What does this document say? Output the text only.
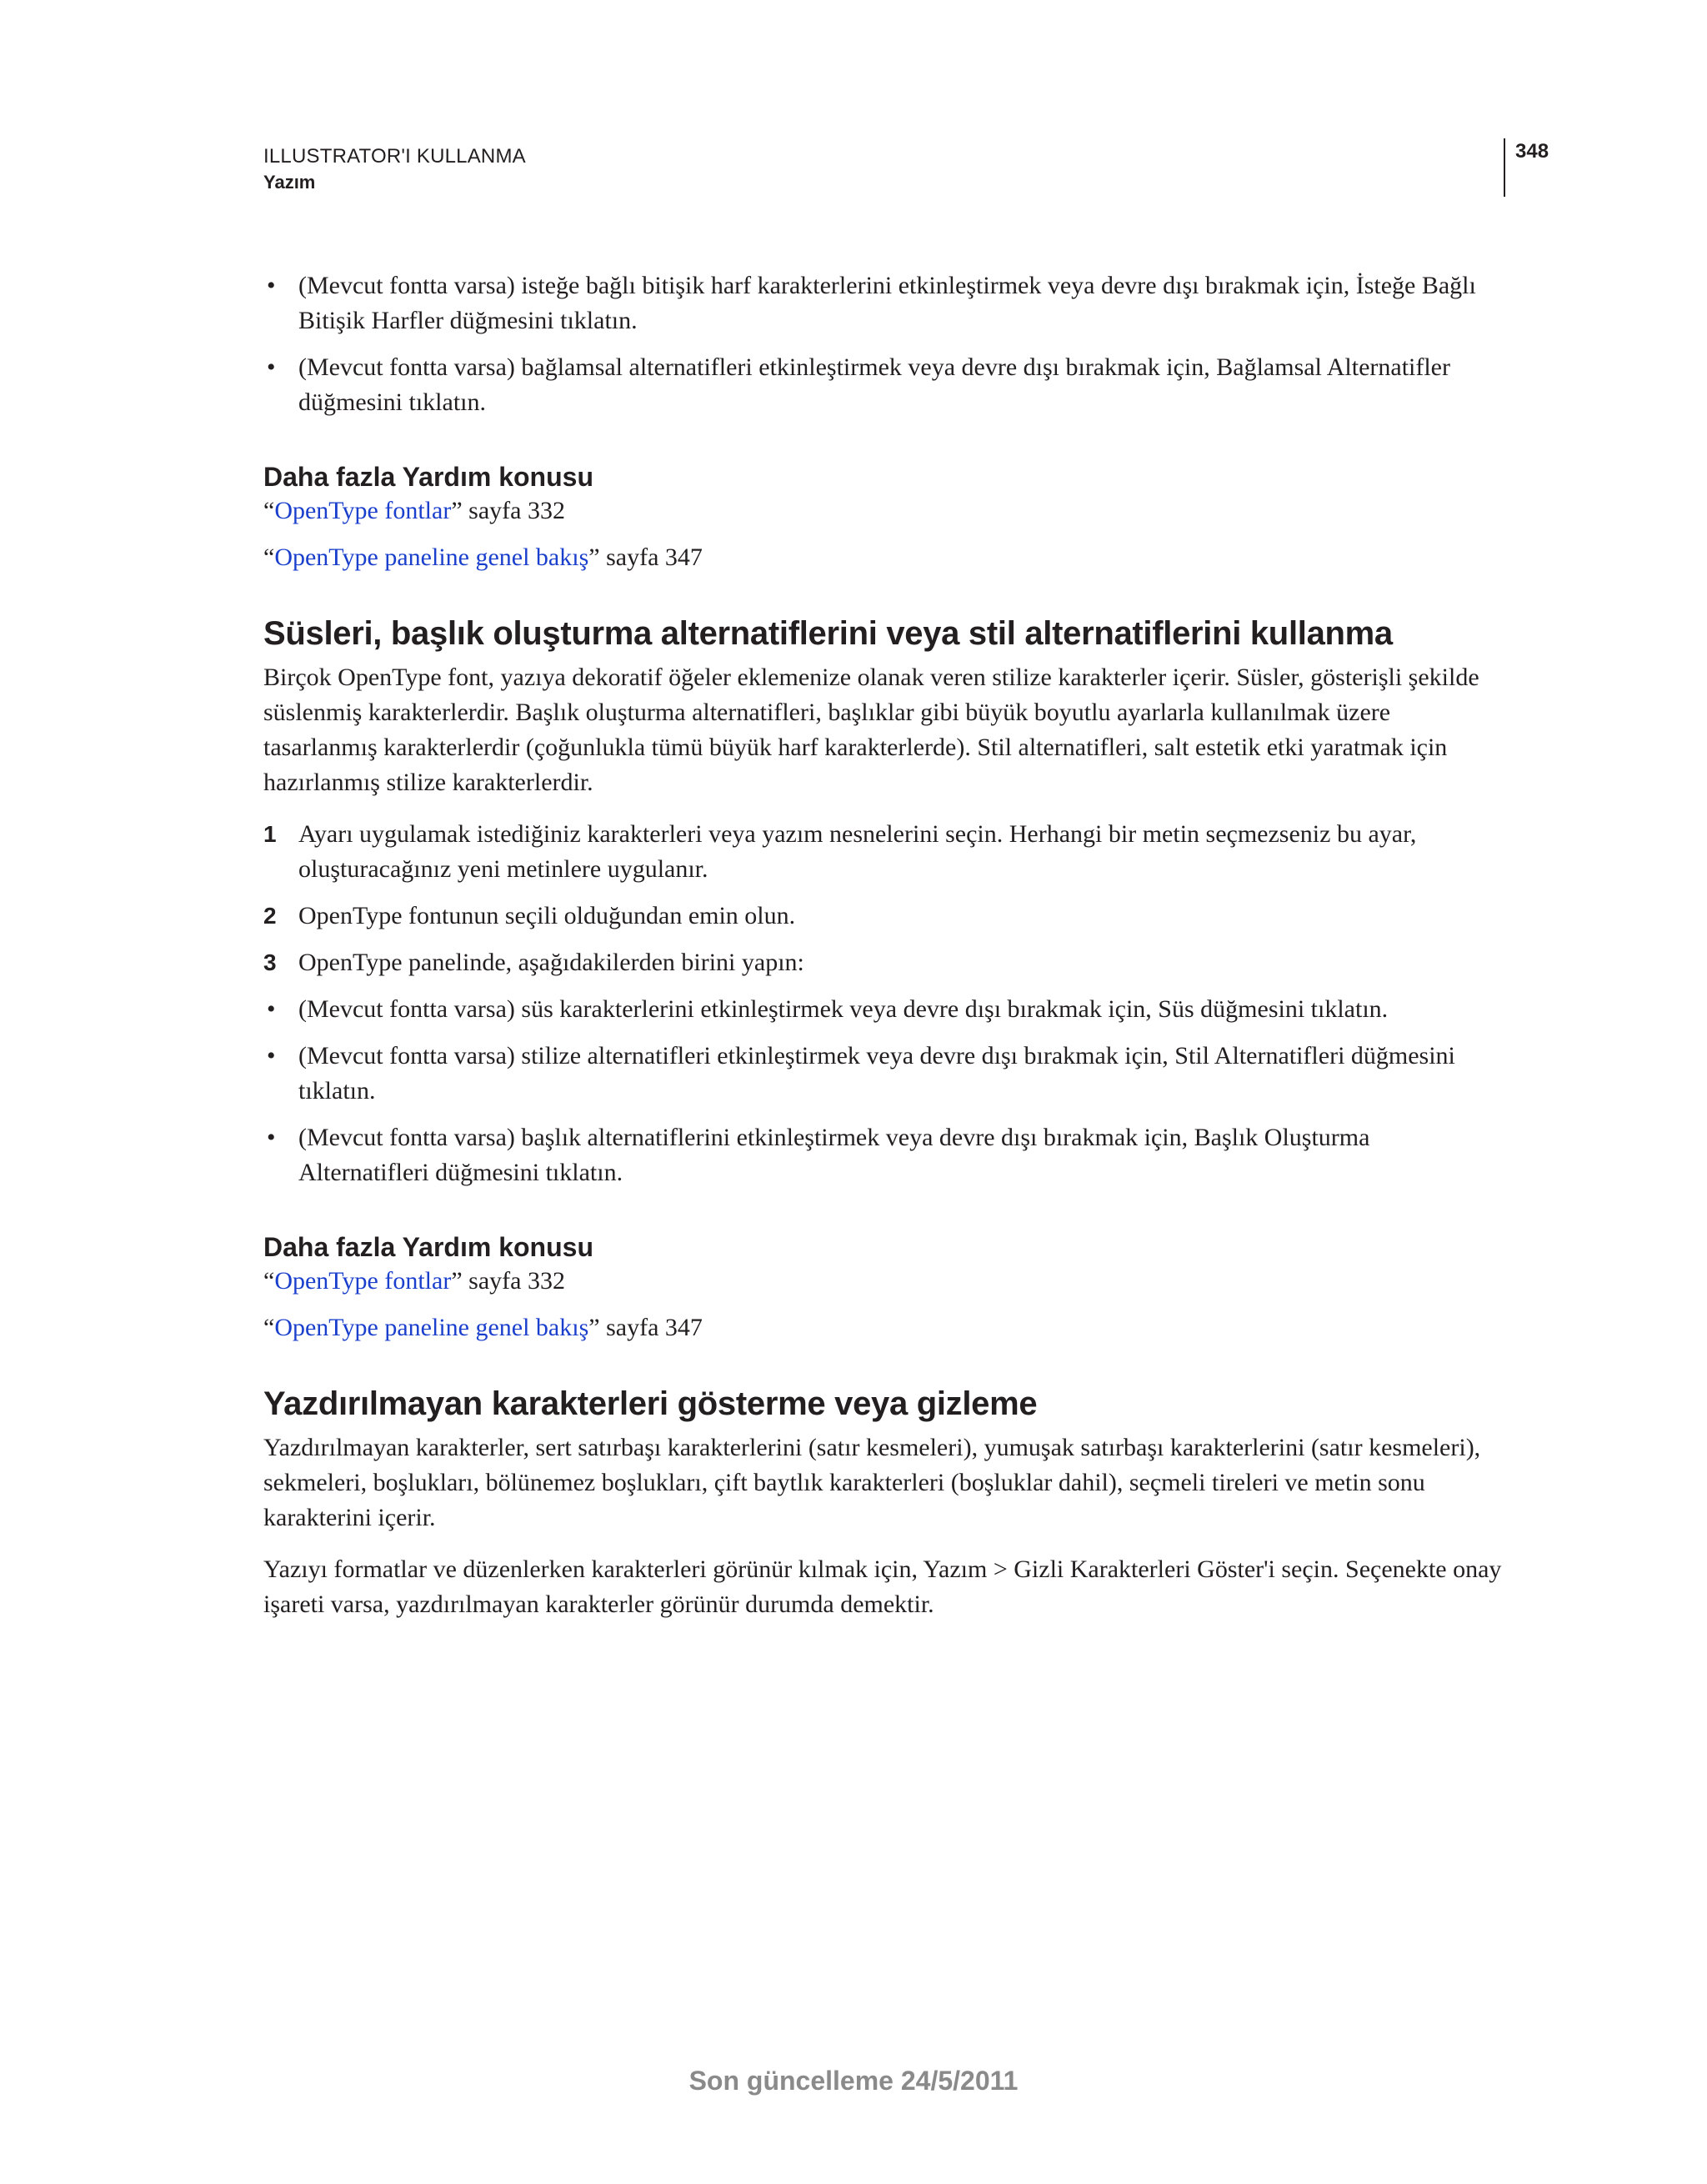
ILLUSTRATOR'I KULLANMA
Yazım
348
• (Mevcut fontta varsa) isteğe bağlı bitişik harf karakterlerini etkinleştirmek veya devre dışı bırakmak için, İsteğe Bağlı Bitişik Harfler düğmesini tıklatın.
• (Mevcut fontta varsa) bağlamsal alternatifleri etkinleştirmek veya devre dışı bırakmak için, Bağlamsal Alternatifler düğmesini tıklatın.
Daha fazla Yardım konusu

“OpenType fontlar” sayfa 332

“OpenType paneline genel bakış” sayfa 347

Süsleri, başlık oluşturma alternatiflerini veya stil alternatiflerini kullanma

Birçok OpenType font, yazıya dekoratif öğeler eklemenize olanak veren stilize karakterler içerir. Süsler, gösterişli şekilde süslenmiş karakterlerdir. Başlık oluşturma alternatifleri, başlıklar gibi büyük boyutlu ayarlarla kullanılmak üzere tasarlanmış karakterlerdir (çoğunlukla tümü büyük harf karakterlerde). Stil alternatifleri, salt estetik etki yaratmak için hazırlanmış stilize karakterlerdir.

1 Ayarı uygulamak istediğiniz karakterleri veya yazım nesnelerini seçin. Herhangi bir metin seçmezseniz bu ayar, oluşturacağınız yeni metinlere uygulanır.
2 OpenType fontunun seçili olduğundan emin olun.
3 OpenType panelinde, aşağıdakilerden birini yapın:
• (Mevcut fontta varsa) süs karakterlerini etkinleştirmek veya devre dışı bırakmak için, Süs düğmesini tıklatın.
• (Mevcut fontta varsa) stilize alternatifleri etkinleştirmek veya devre dışı bırakmak için, Stil Alternatifleri düğmesini tıklatın.
• (Mevcut fontta varsa) başlık alternatiflerini etkinleştirmek veya devre dışı bırakmak için, Başlık Oluşturma Alternatifleri düğmesini tıklatın.
Daha fazla Yardım konusu

“OpenType fontlar” sayfa 332

“OpenType paneline genel bakış” sayfa 347

Yazdırılmayan karakterleri gösterme veya gizleme

Yazdırılmayan karakterler, sert satırbaşı karakterlerini (satır kesmeleri), yumuşak satırbaşı karakterlerini (satır kesmeleri), sekmeleri, boşlukları, bölünemez boşlukları, çift baytlık karakterleri (boşluklar dahil), seçmeli tireleri ve metin sonu karakterini içerir.

Yazıyı formatlar ve düzenlerken karakterleri görünür kılmak için, Yazım > Gizli Karakterleri Göster'i seçin. Seçenekte onay işareti varsa, yazdırılmayan karakterler görünür durumda demektir.

Son güncelleme 24/5/2011
